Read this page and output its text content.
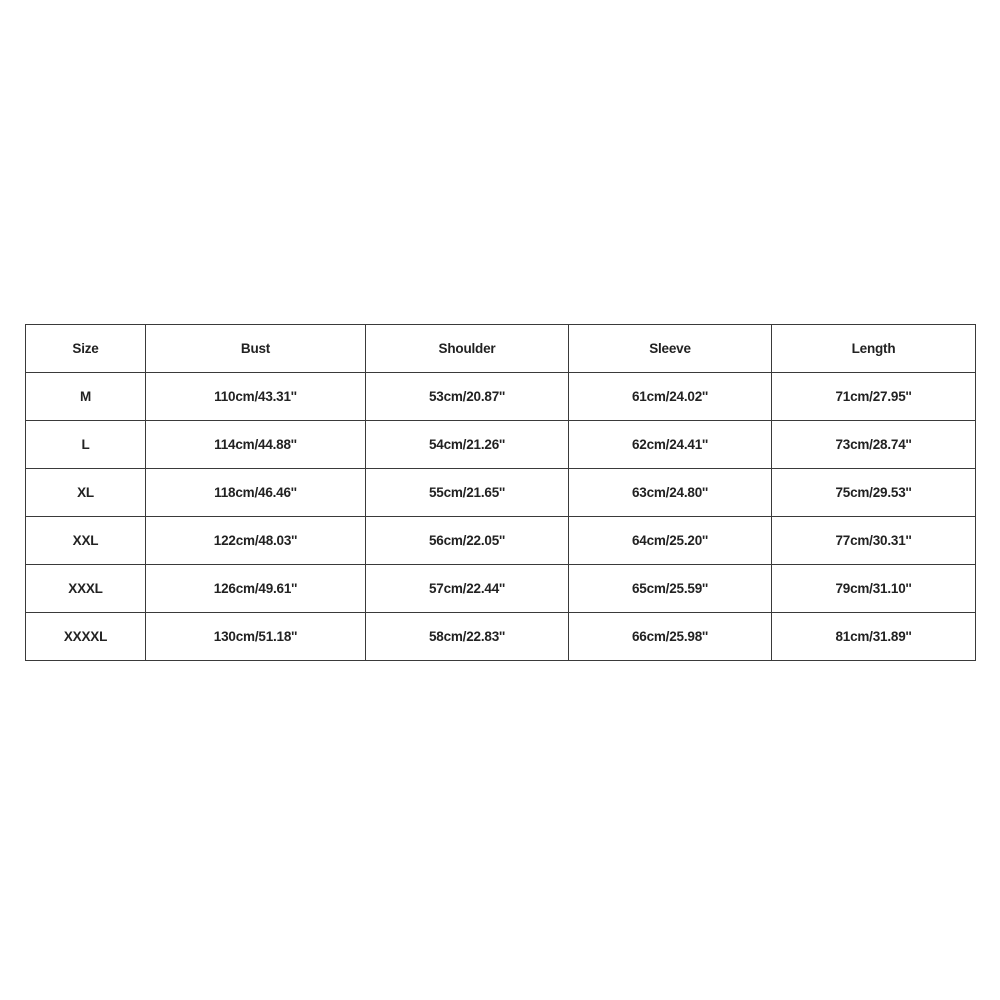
Size	Bust	Shoulder	Sleeve	Length
M	110cm/43.31''	53cm/20.87''	61cm/24.02''	71cm/27.95''
L	114cm/44.88''	54cm/21.26''	62cm/24.41''	73cm/28.74''
XL	118cm/46.46''	55cm/21.65''	63cm/24.80''	75cm/29.53''
XXL	122cm/48.03''	56cm/22.05''	64cm/25.20''	77cm/30.31''
XXXL	126cm/49.61''	57cm/22.44''	65cm/25.59''	79cm/31.10''
XXXXL	130cm/51.18''	58cm/22.83''	66cm/25.98''	81cm/31.89''
